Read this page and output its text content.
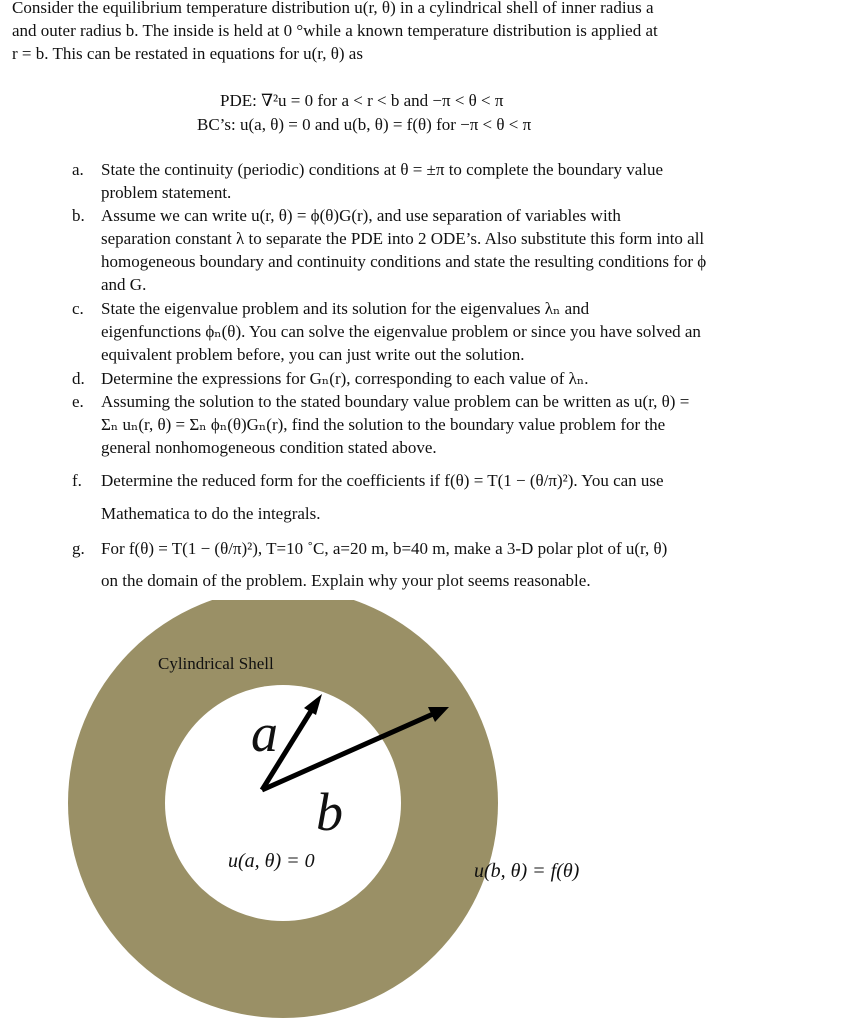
Consider the equilibrium temperature distribution u(r, θ) in a cylindrical shell of inner radius a
and outer radius b. The inside is held at 0 °while a known temperature distribution is applied at
r = b. This can be restated in equations for u(r, θ) as
PDE: ∇²u = 0 for a < r < b and −π < θ < π
BC’s: u(a, θ) = 0 and u(b, θ) = f(θ) for −π < θ < π
a. State the continuity (periodic) conditions at θ = ±π to complete the boundary value
problem statement.
b. Assume we can write u(r, θ) = ϕ(θ)G(r), and use separation of variables with
separation constant λ to separate the PDE into 2 ODE’s. Also substitute this form into all
homogeneous boundary and continuity conditions and state the resulting conditions for ϕ
and G.
c. State the eigenvalue problem and its solution for the eigenvalues λₙ and
eigenfunctions ϕₙ(θ). You can solve the eigenvalue problem or since you have solved an
equivalent problem before, you can just write out the solution.
d. Determine the expressions for Gₙ(r), corresponding to each value of λₙ.
e. Assuming the solution to the stated boundary value problem can be written as u(r, θ) =
Σₙ uₙ(r, θ) = Σₙ ϕₙ(θ)Gₙ(r), find the solution to the boundary value problem for the
general nonhomogeneous condition stated above.
f. Determine the reduced form for the coefficients if f(θ) = T(1 − (θ/π)²). You can use
Mathematica to do the integrals.
g. For f(θ) = T(1 − (θ/π)²), T=10 ˚C, a=20 m, b=40 m, make a 3-D polar plot of u(r, θ)
on the domain of the problem. Explain why your plot seems reasonable.
Cylindrical Shell
a
b
u(a, θ) = 0	u(b, θ) = f(θ)
